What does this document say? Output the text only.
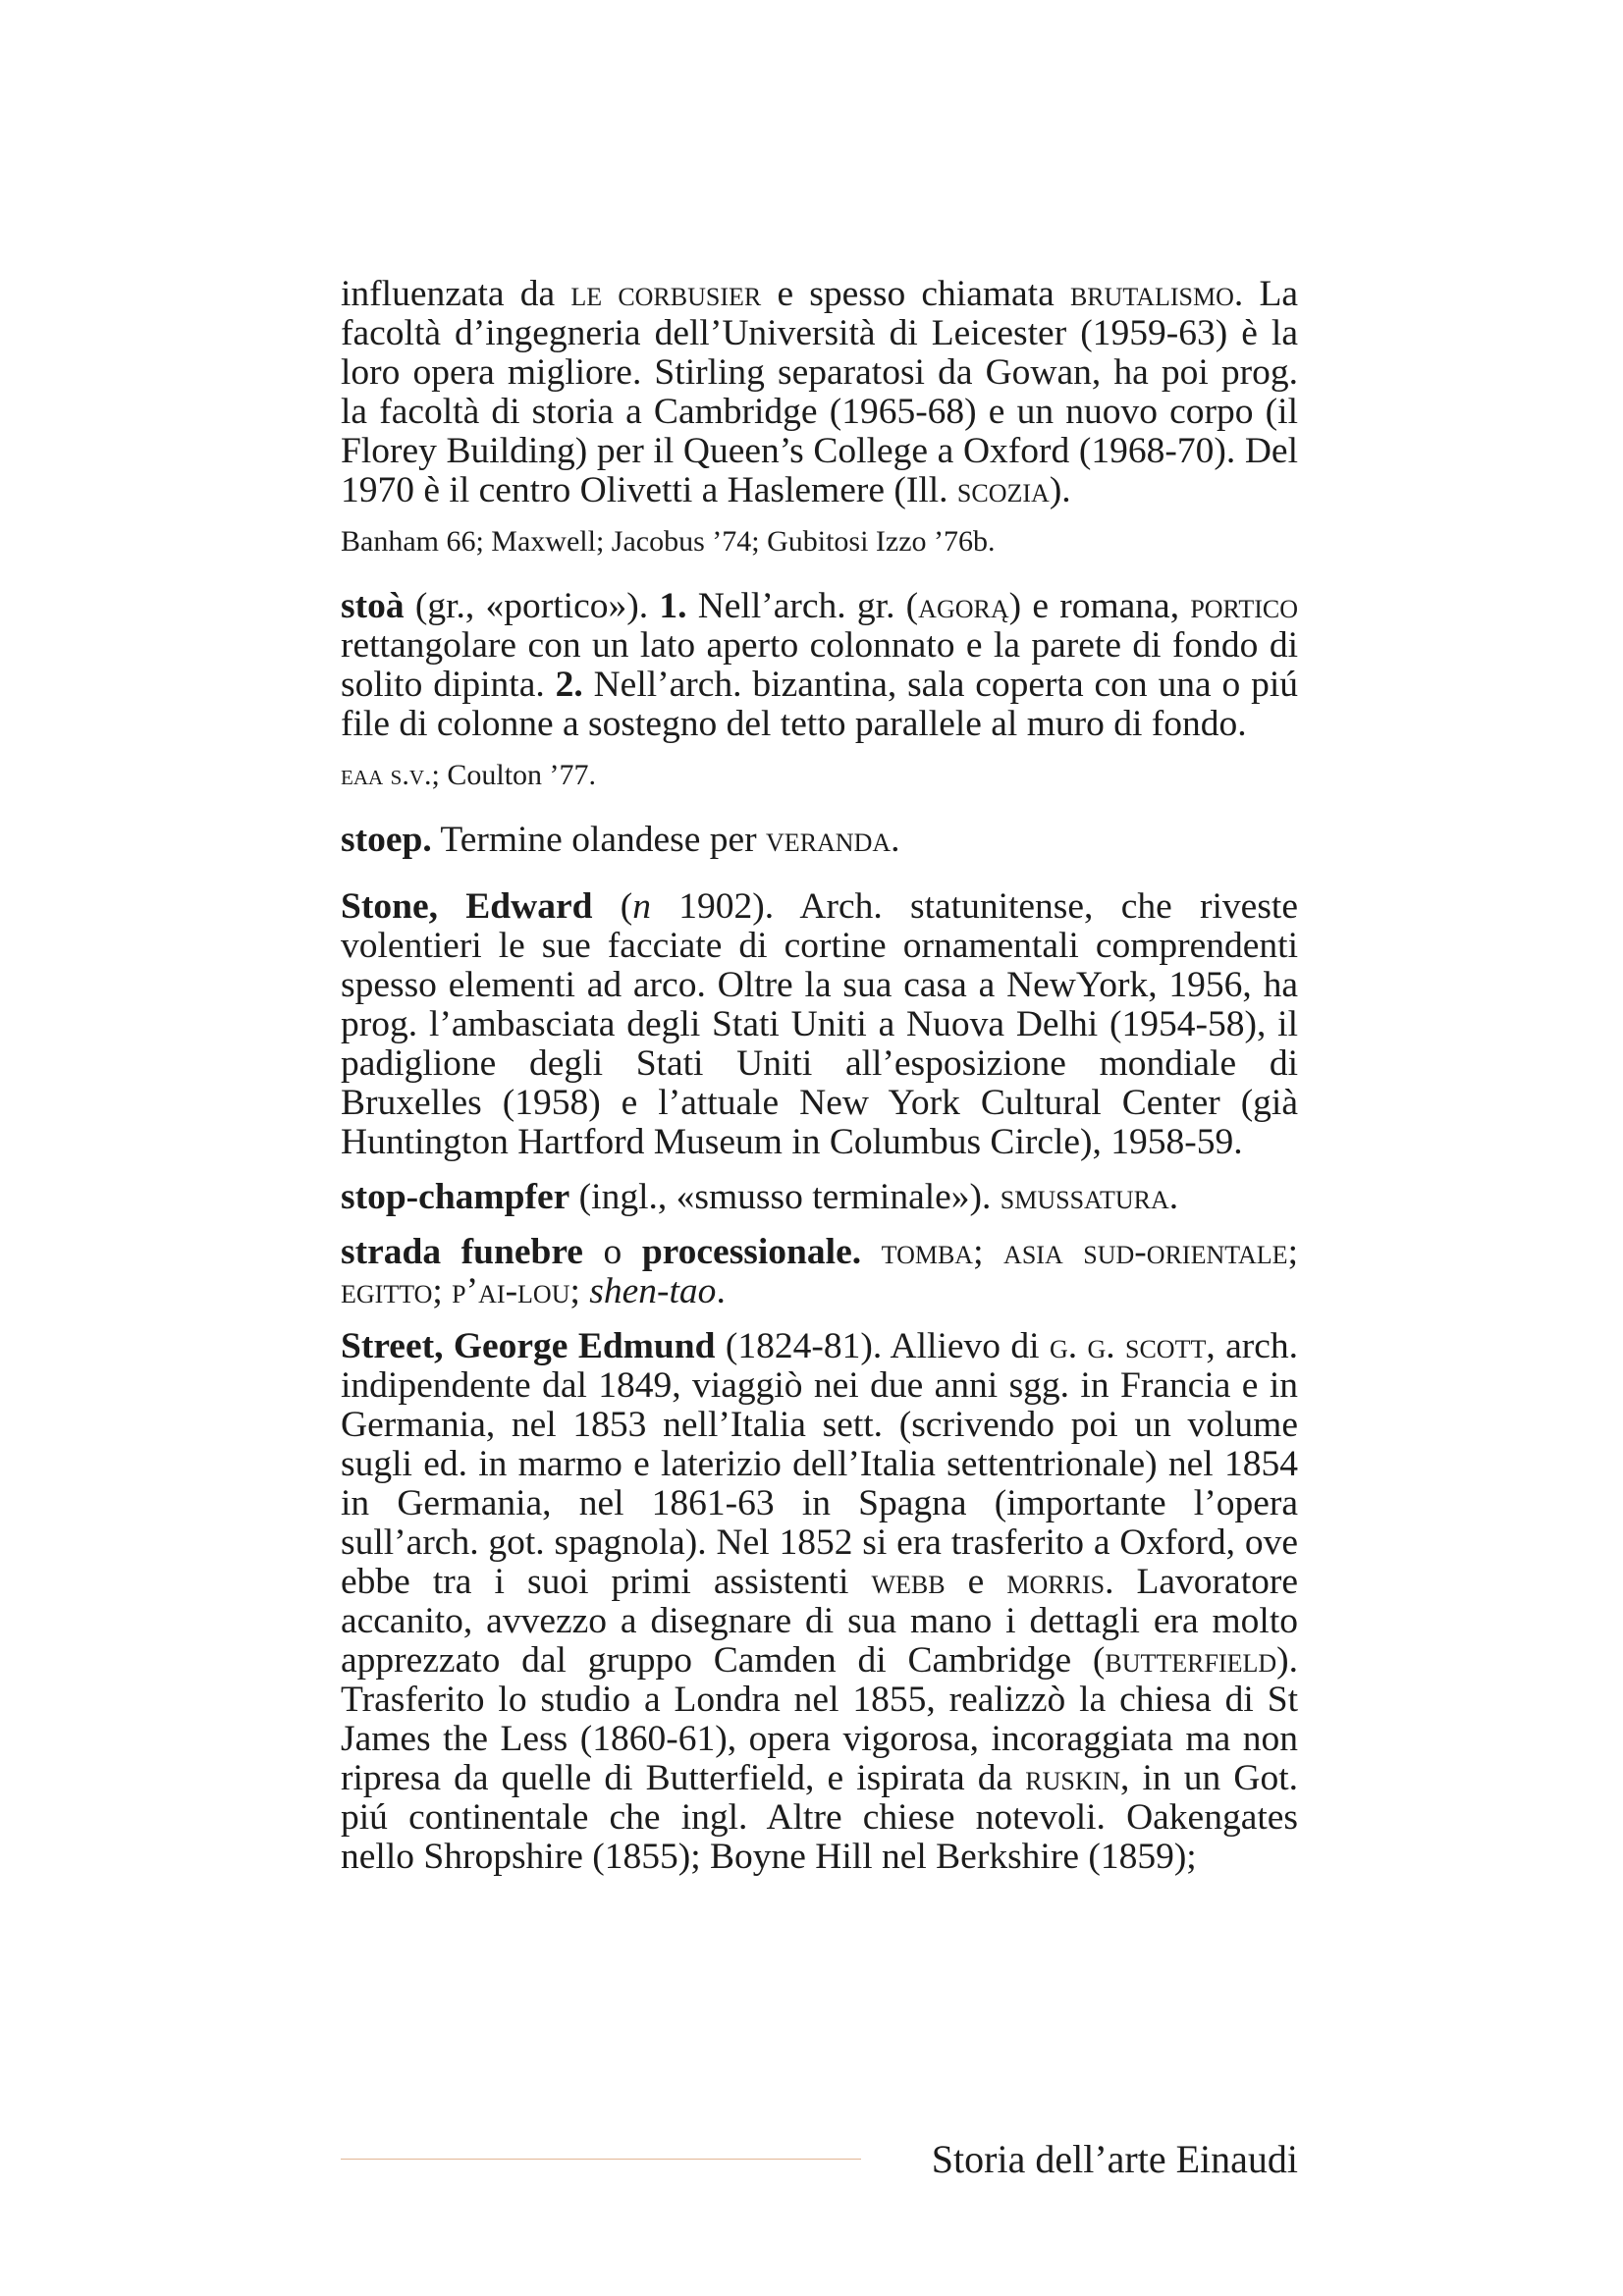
influenzata da le corbusier e spesso chiamata brutalismo. La facoltà d’ingegneria dell’Università di Leicester (1959-63) è la loro opera migliore. Stirling separatosi da Gowan, ha poi prog. la facoltà di storia a Cambridge (1965-68) e un nuovo corpo (il Florey Building) per il Queen’s College a Oxford (1968-70). Del 1970 è il centro Olivetti a Haslemere (Ill. scozia).

Banham 66; Maxwell; Jacobus ’74; Gubitosi Izzo ’76b.

stoà (gr., «portico»). 1. Nell’arch. gr. (agorą) e romana, portico rettangolare con un lato aperto colonnato e la parete di fondo di solito dipinta. 2. Nell’arch. bizantina, sala coperta con una o piú file di colonne a sostegno del tetto parallele al muro di fondo.

eaa s.v.; Coulton ’77.

stoep. Termine olandese per veranda.

Stone, Edward (n 1902). Arch. statunitense, che riveste volentieri le sue facciate di cortine ornamentali comprendenti spesso elementi ad arco. Oltre la sua casa a NewYork, 1956, ha prog. l’ambasciata degli Stati Uniti a Nuova Delhi (1954-58), il padiglione degli Stati Uniti all’esposizione mondiale di Bruxelles (1958) e l’attuale New York Cultural Center (già Huntington Hartford Museum in Columbus Circle), 1958-59.

stop-champfer (ingl., «smusso terminale»). smussatura.

strada funebre o processionale. tomba; asia sud-orientale; egitto; p’ai-lou; shen-tao.

Street, George Edmund (1824-81). Allievo di g. g. scott, arch. indipendente dal 1849, viaggiò nei due anni sgg. in Francia e in Germania, nel 1853 nell’Italia sett. (scrivendo poi un volume sugli ed. in marmo e laterizio dell’Italia settentrionale) nel 1854 in Germania, nel 1861-63 in Spagna (importante l’opera sull’arch. got. spagnola). Nel 1852 si era trasferito a Oxford, ove ebbe tra i suoi primi assistenti webb e morris. Lavoratore accanito, avvezzo a disegnare di sua mano i dettagli era molto apprezzato dal gruppo Camden di Cambridge (butterfield). Trasferito lo studio a Londra nel 1855, realizzò la chiesa di St James the Less (1860-61), opera vigorosa, incoraggiata ma non ripresa da quelle di Butterfield, e ispirata da ruskin, in un Got. piú continentale che ingl. Altre chiese notevoli. Oakengates nello Shropshire (1855); Boyne Hill nel Berkshire (1859);

Storia dell’arte Einaudi
